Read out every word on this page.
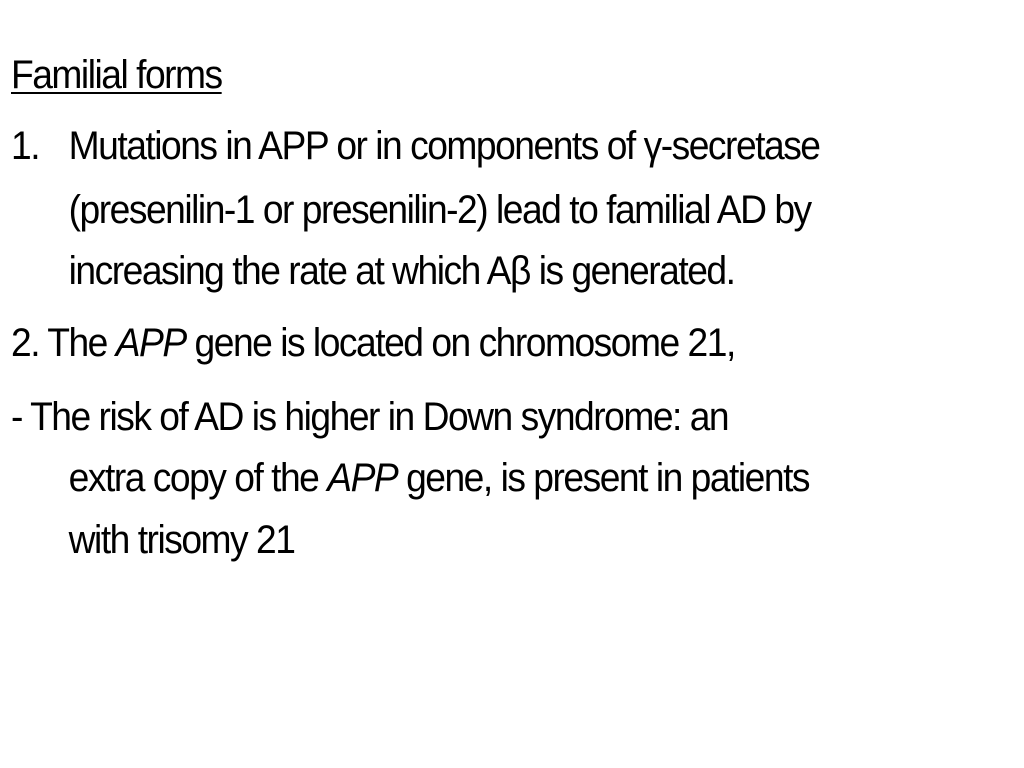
Familial forms
1. Mutations in APP or in components of γ-secretase
(presenilin-1 or presenilin-2) lead to familial AD by
increasing the rate at which Aβ is generated.
2. The APP gene is located on chromosome 21,
- The risk of AD is higher in Down syndrome: an
extra copy of the APP gene, is present in patients
with trisomy 21
